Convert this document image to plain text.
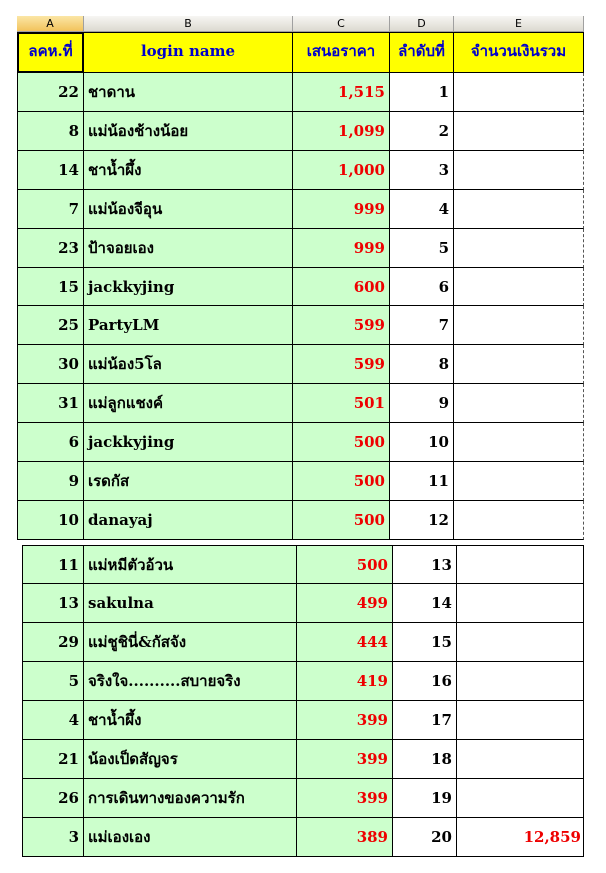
A	B	C	D	E
ลคห.ที่	login name	เสนอราคา	ลำดับที่	จำนวนเงินรวม
22 ชาดาน	1,515	1
8 แม่น้องช้างน้อย	1,099	2
14 ชาน้ำผึ้ง	1,000	3
7 แม่น้องจีอุน	999	4
23 ป้าจอยเอง	999	5
15 jackkyjing	600	6
25 PartyLM	599	7
30 แม่น้อง5โล	599	8
31 แม่ลูกแชงค์	501	9
6 jackkyjing	500	10
9 เรดกัส	500	11
10 danayaj	500	12
11 แม่หมีตัวอ้วน	500	13
13 sakulna	499	14
29 แม่ชูชินี่&กัสจัง	444	15
5 จริงใจ..........สบายจริง	419	16
4 ชาน้ำผึ้ง	399	17
21 น้องเป็ดสัญจร	399	18
26 การเดินทางของความรัก	399	19
3 แม่เองเอง	389	20	12,859
